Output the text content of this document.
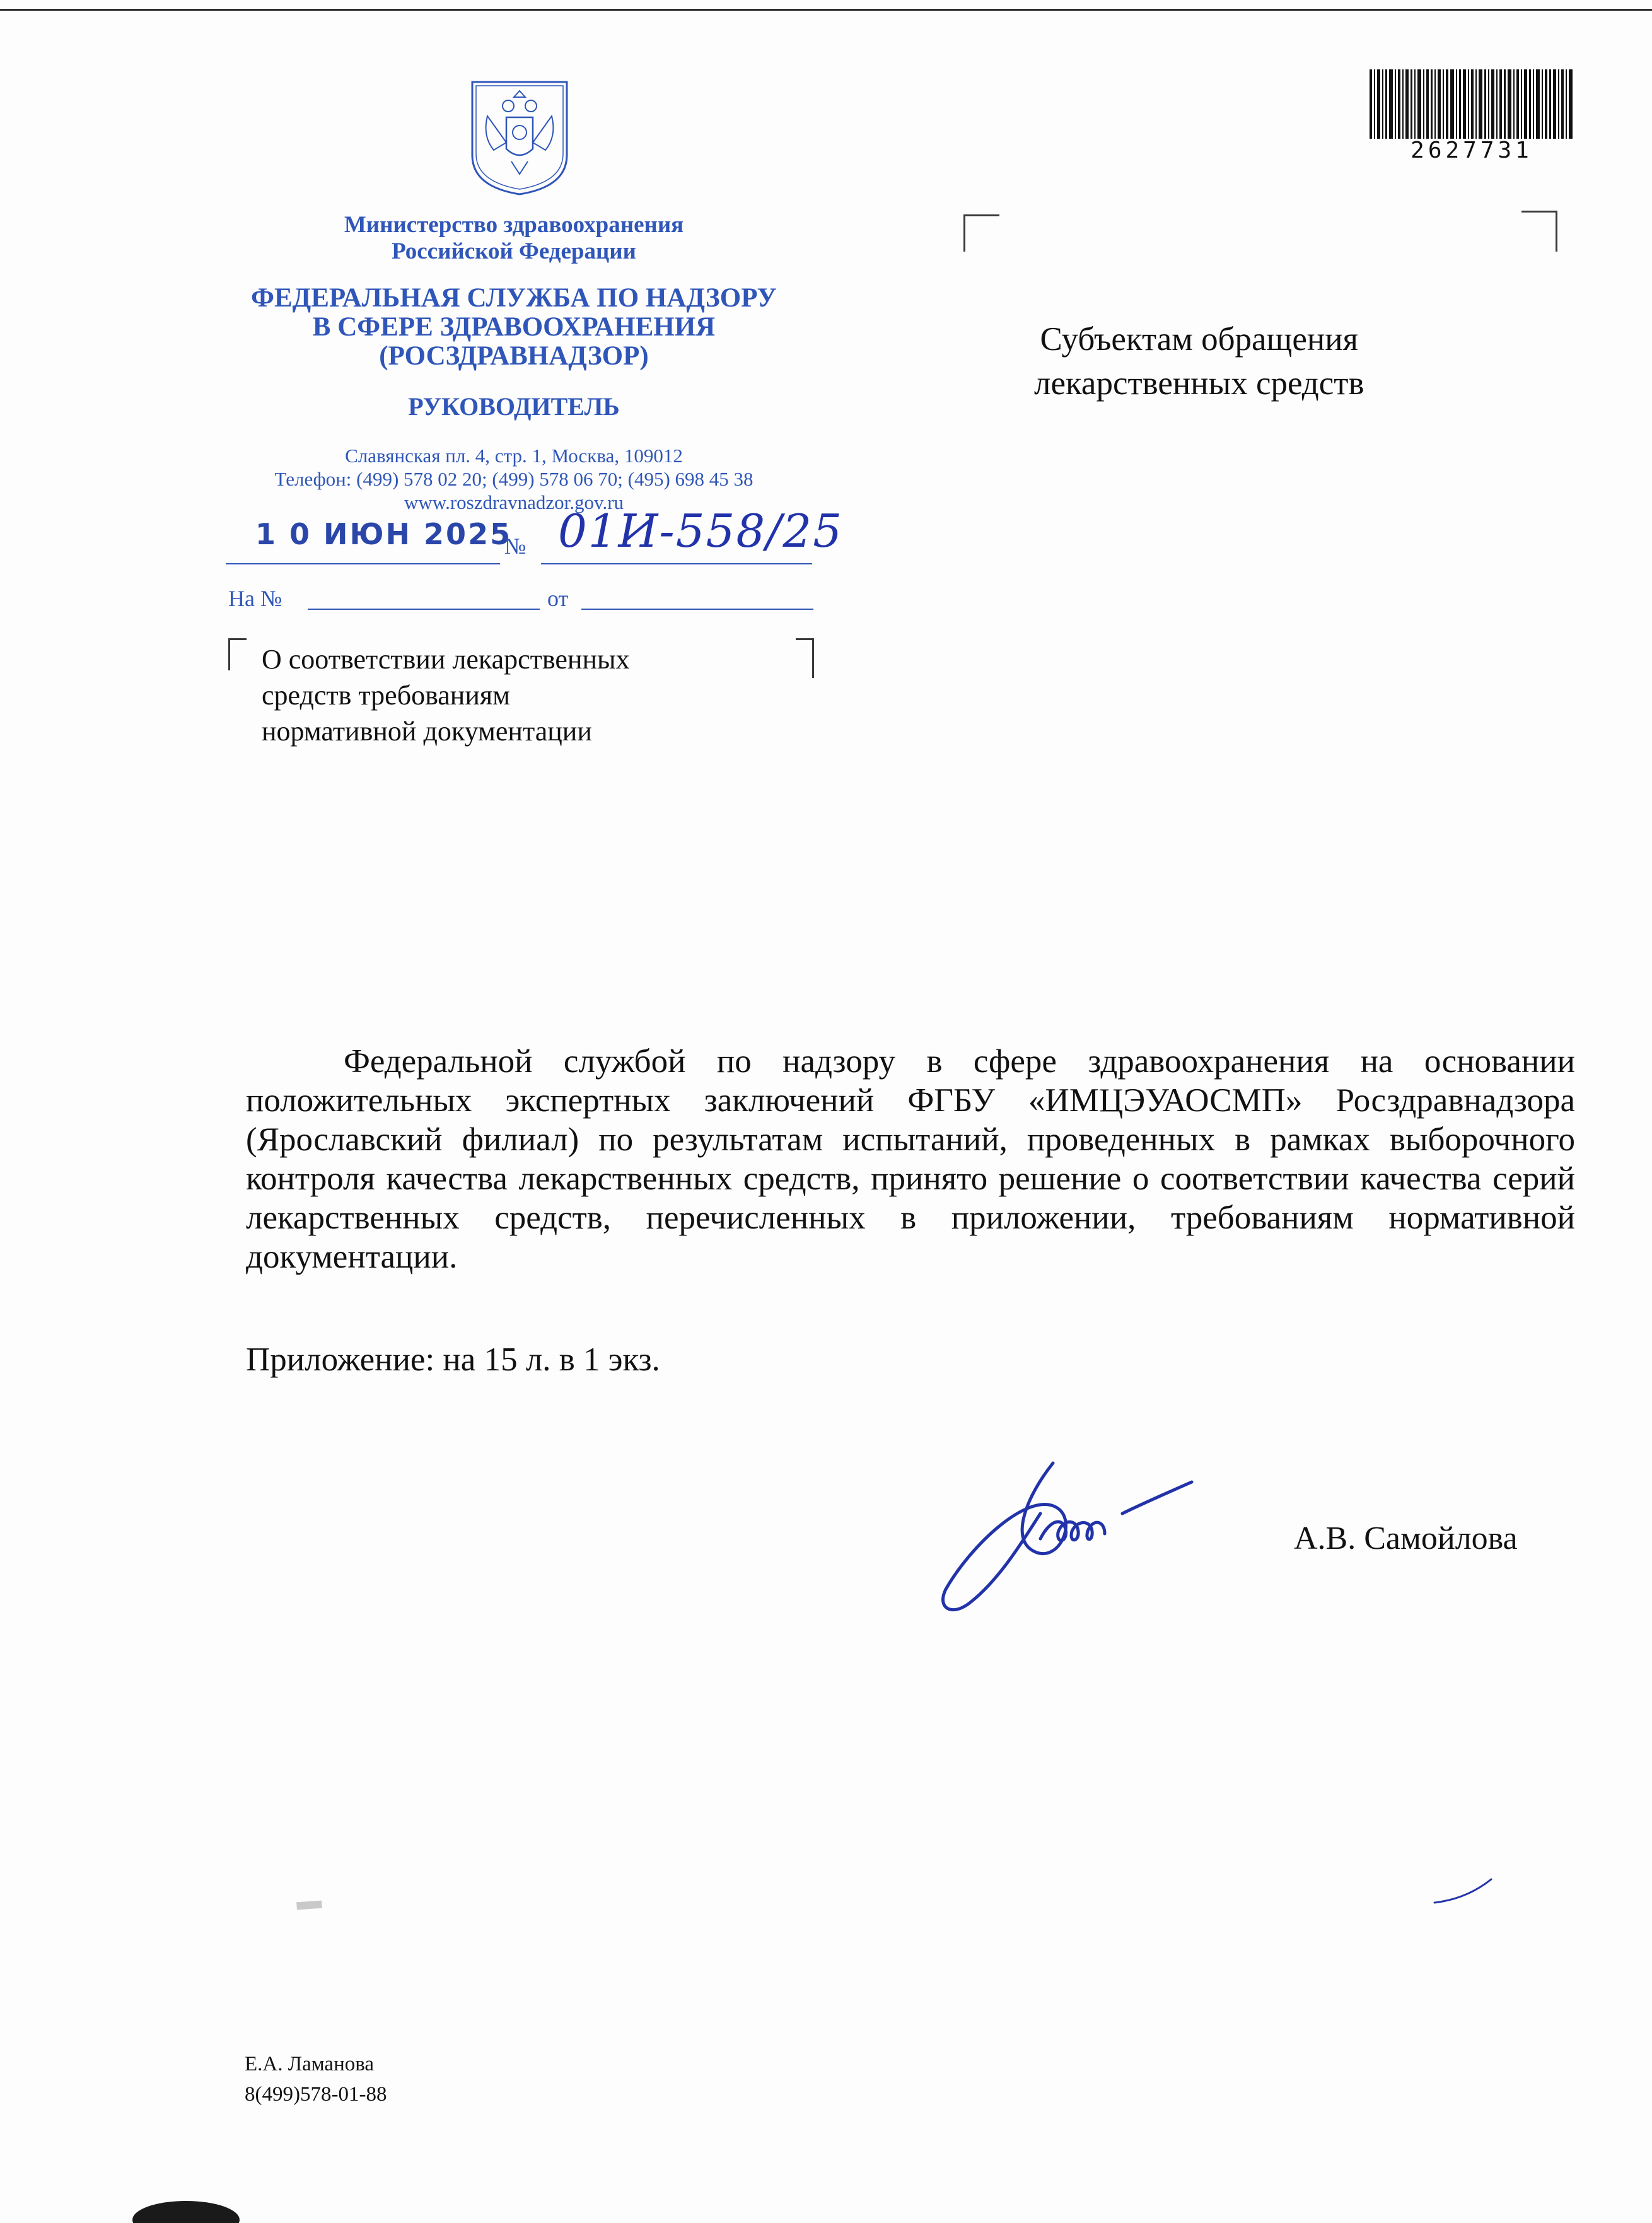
Министерство здравоохранения
Российской Федерации
ФЕДЕРАЛЬНАЯ СЛУЖБА ПО НАДЗОРУ
В СФЕРЕ ЗДРАВООХРАНЕНИЯ
(РОСЗДРАВНАДЗОР)
РУКОВОДИТЕЛЬ
Славянская пл. 4, стр. 1, Москва, 109012
Телефон: (499) 578 02 20; (499) 578 06 70; (495) 698 45 38
www.roszdravnadzor.gov.ru
1 0 ИЮН 2025
№ 01И-558/25
На №	от
О соответствии лекарственных
средств требованиям
нормативной документации
2627731
Субъектам обращения
лекарственных средств

Федеральной службой по надзору в сфере здравоохранения на основании положительных экспертных заключений ФГБУ «ИМЦЭУАОСМП» Росздравнадзора (Ярославский филиал) по результатам испытаний, проведенных в рамках выборочного контроля качества лекарственных средств, принято решение о соответствии качества серий лекарственных средств, перечисленных в приложении, требованиям нормативной документации.

Приложение: на 15 л. в 1 экз.
А.В. Самойлова
▬
Е.А. Ламанова
8(499)578-01-88
